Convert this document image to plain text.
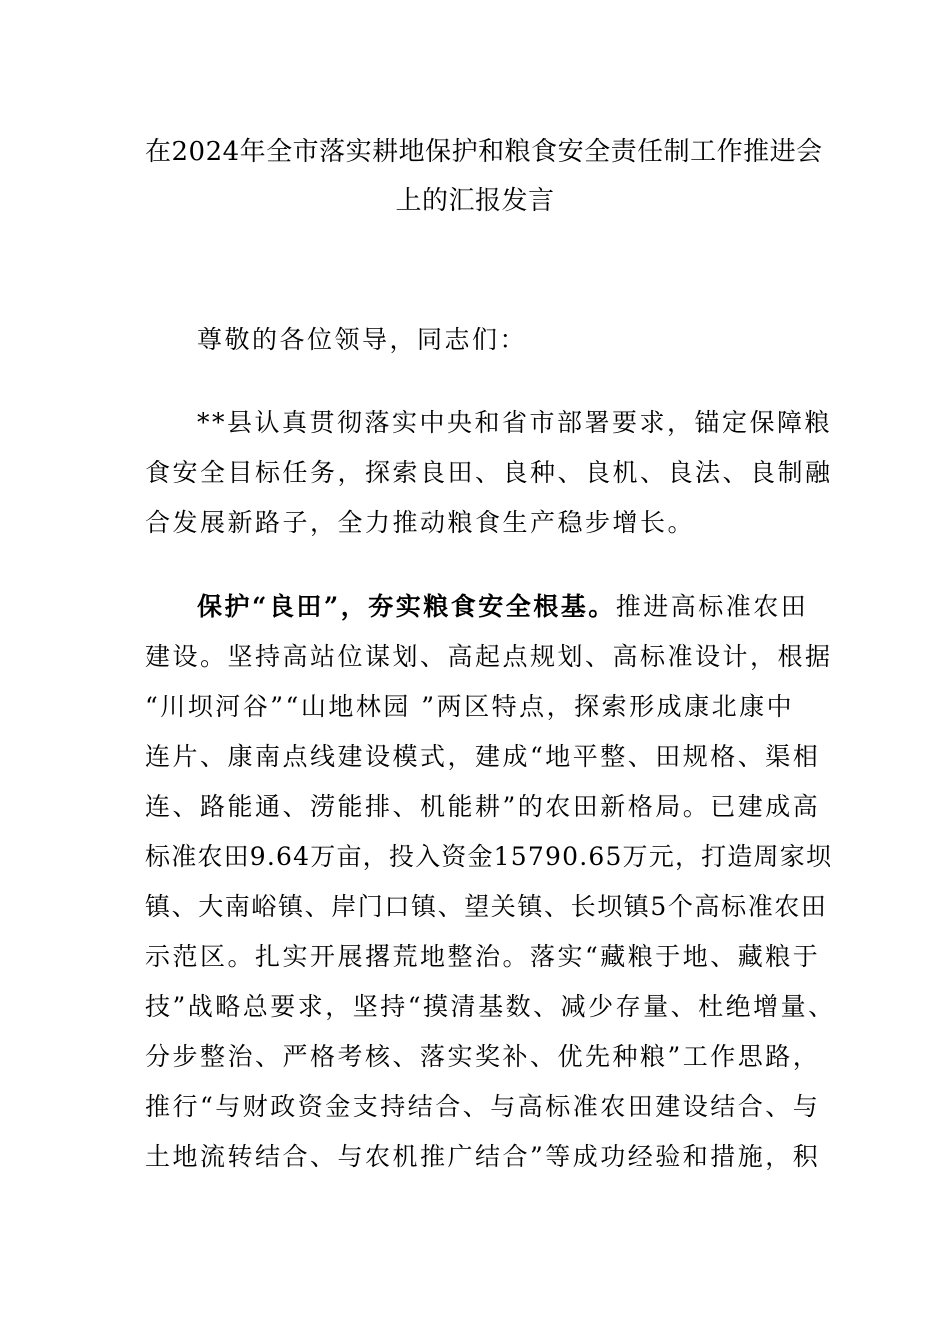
在2024年全市落实耕地保护和粮食安全责任制工作推进会
上的汇报发言
尊敬的各位领导，同志们：
**县认真贯彻落实中央和省市部署要求，锚定保障粮
食安全目标任务，探索良田、良种、良机、良法、良制融
合发展新路子，全力推动粮食生产稳步增长。
保护“良田”，夯实粮食安全根基。推进高标准农田
建设。坚持高站位谋划、高起点规划、高标准设计，根据
“川坝河谷”“山地林园 ”两区特点，探索形成康北康中
连片、康南点线建设模式，建成“地平整、田规格、渠相
连、路能通、涝能排、机能耕”的农田新格局。已建成高
标准农田9.64万亩，投入资金15790.65万元，打造周家坝
镇、大南峪镇、岸门口镇、望关镇、长坝镇5个高标准农田
示范区。扎实开展撂荒地整治。落实“藏粮于地、藏粮于
技”战略总要求，坚持“摸清基数、减少存量、杜绝增量、
分步整治、严格考核、落实奖补、优先种粮”工作思路，
推行“与财政资金支持结合、与高标准农田建设结合、与
土地流转结合、与农机推广结合”等成功经验和措施，积
